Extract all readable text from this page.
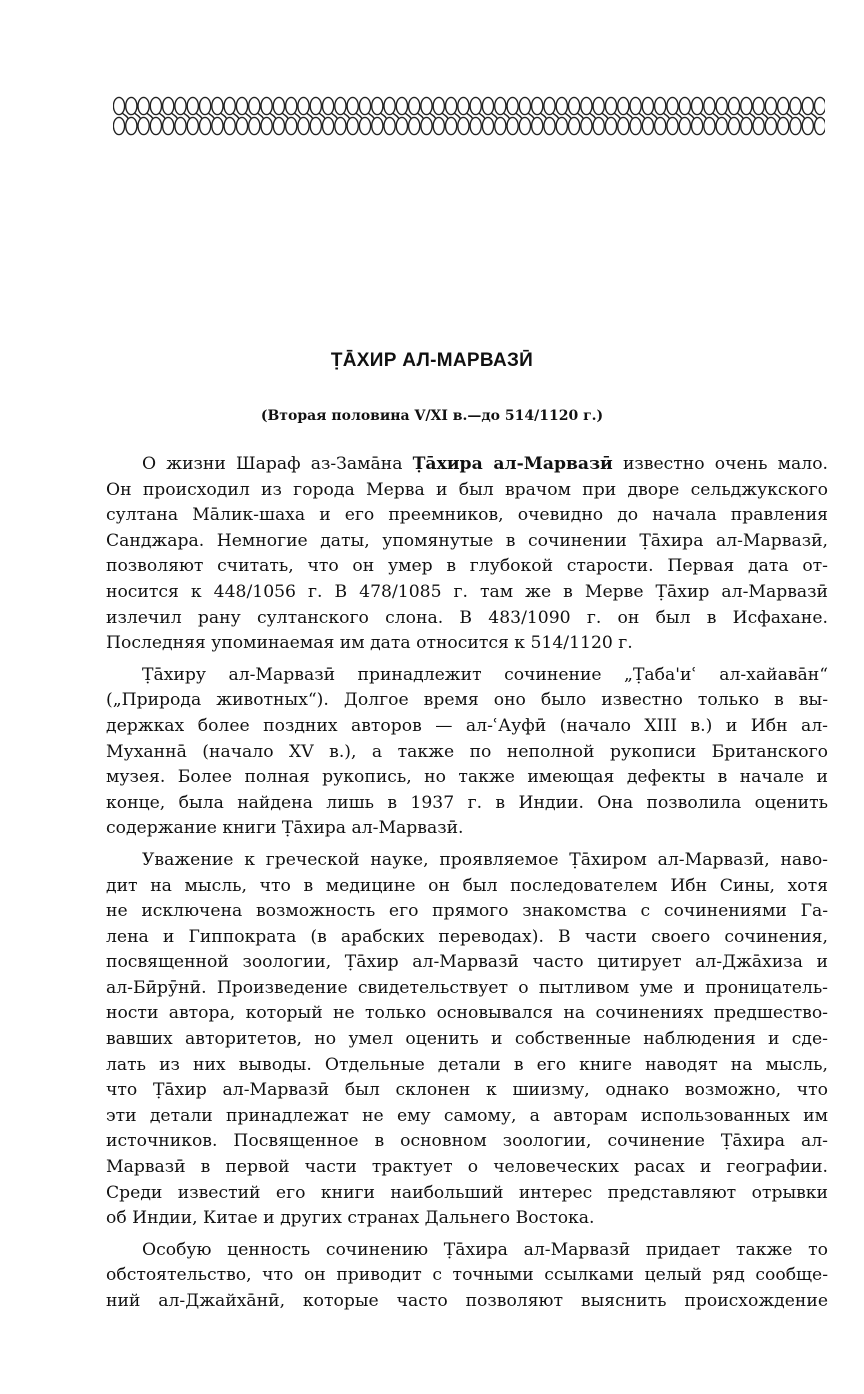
ṬĀХИР АЛ-МАРВАЗӢ
(Вторая половина V/XI в.—до 514/1120 г.)
О жизни Шараф аз-Замāна Ṭāхира ал-Марвазӣ известно очень мало.
Он происходил из города Мерва и был врачом при дворе сельджукского
султана Мāлик-шаха и его преемников, очевидно до начала правления
Санджара. Немногие даты, упомянутые в сочинении Ṭāхира ал-Марвазӣ,
позволяют считать, что он умер в глубокой старости. Первая дата от-
носится к 448/1056 г. В 478/1085 г. там же в Мерве Ṭāхир ал-Марвазӣ
излечил рану султанского слона. В 483/1090 г. он был в Исфахане.
Последняя упоминаемая им дата относится к 514/1120 г.
Ṭāхиру ал-Марвазӣ принадлежит сочинение „Ṭаба'иʿ ал-хайавāн“
(„Природа животных“). Долгое время оно было известно только в вы-
держках более поздних авторов — ал-ʿАуфӣ (начало XIII в.) и Ибн ал-
Муханнā (начало XV в.), а также по неполной рукописи Британского
музея. Более полная рукопись, но также имеющая дефекты в начале и
конце, была найдена лишь в 1937 г. в Индии. Она позволила оценить
содержание книги Ṭāхира ал-Марвазӣ.
Уважение к греческой науке, проявляемое Ṭāхиром ал-Марвазӣ, наво-
дит на мысль, что в медицине он был последователем Ибн Сины, хотя
не исключена возможность его прямого знакомства с сочинениями Га-
лена и Гиппократа (в арабских переводах). В части своего сочинения,
посвященной зоологии, Ṭāхир ал-Марвазӣ часто цитирует ал-Джāхиза и
ал-Бӣрӯнӣ. Произведение свидетельствует о пытливом уме и проницатель-
ности автора, который не только основывался на сочинениях предшество-
вавших авторитетов, но умел оценить и собственные наблюдения и сде-
лать из них выводы. Отдельные детали в его книге наводят на мысль,
что Ṭāхир ал-Марвазӣ был склонен к шиизму, однако возможно, что
эти детали принадлежат не ему самому, а авторам использованных им
источников. Посвященное в основном зоологии, сочинение Ṭāхира ал-
Марвазӣ в первой части трактует о человеческих расах и географии.
Среди известий его книги наибольший интерес представляют отрывки
об Индии, Китае и других странах Дальнего Востока.
Особую ценность сочинению Ṭāхира ал-Марвазӣ придает также то
обстоятельство, что он приводит с точными ссылками целый ряд сообще-
ний ал-Джайхāнӣ, которые часто позволяют выяснить происхождение
